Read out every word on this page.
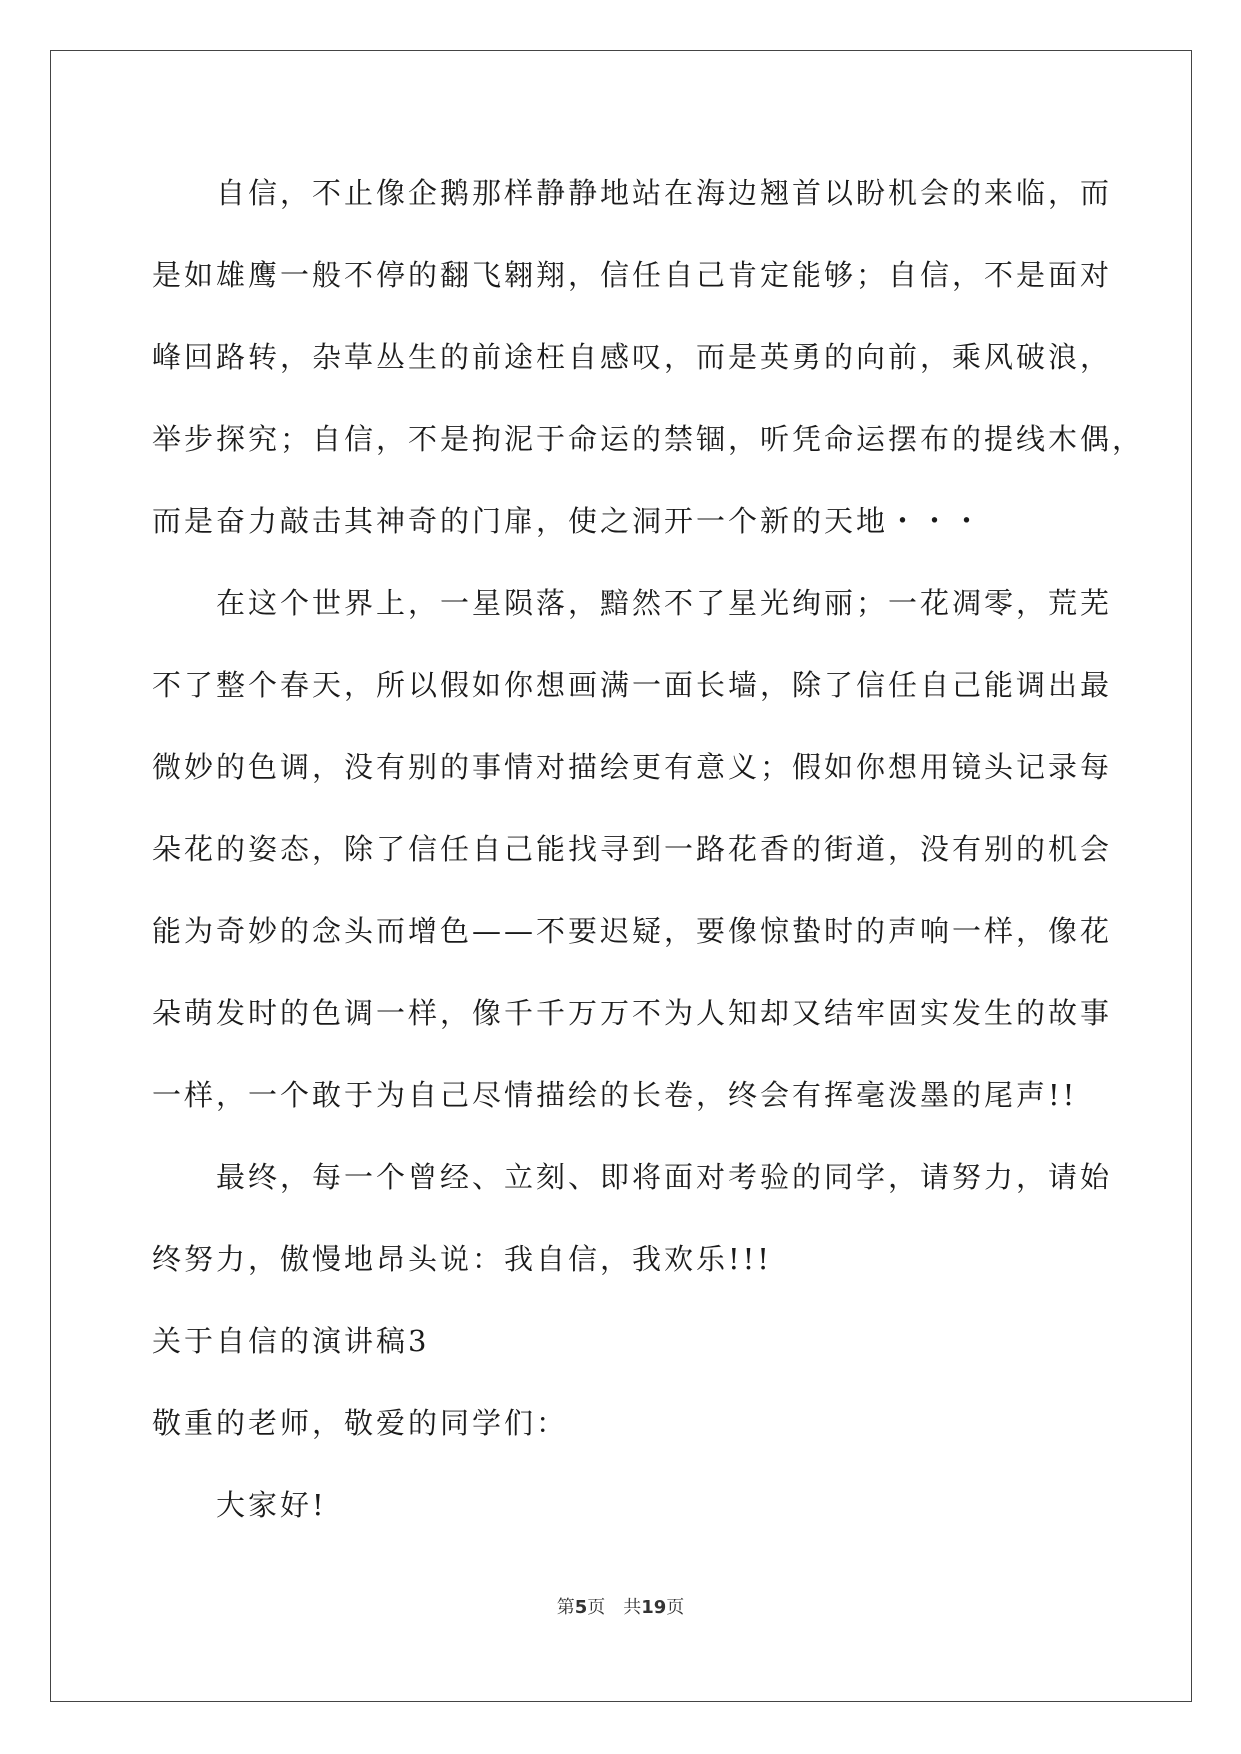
　　自信，不止像企鹅那样静静地站在海边翘首以盼机会的来临，而
是如雄鹰一般不停的翻飞翱翔，信任自己肯定能够；自信，不是面对
峰回路转，杂草丛生的前途枉自感叹，而是英勇的向前，乘风破浪，
举步探究；自信，不是拘泥于命运的禁锢，听凭命运摆布的提线木偶，
而是奋力敲击其神奇的门扉，使之洞开一个新的天地・・・
　　在这个世界上，一星陨落，黯然不了星光绚丽；一花凋零，荒芜
不了整个春天，所以假如你想画满一面长墙，除了信任自己能调出最
微妙的色调，没有别的事情对描绘更有意义；假如你想用镜头记录每
朵花的姿态，除了信任自己能找寻到一路花香的街道，没有别的机会
能为奇妙的念头而增色——不要迟疑，要像惊蛰时的声响一样，像花
朵萌发时的色调一样，像千千万万不为人知却又结牢固实发生的故事
一样，一个敢于为自己尽情描绘的长卷，终会有挥毫泼墨的尾声!!
　　最终，每一个曾经、立刻、即将面对考验的同学，请努力，请始
终努力，傲慢地昂头说：我自信，我欢乐!!!
关于自信的演讲稿3
敬重的老师，敬爱的同学们：
　　大家好!
第5页　共19页
